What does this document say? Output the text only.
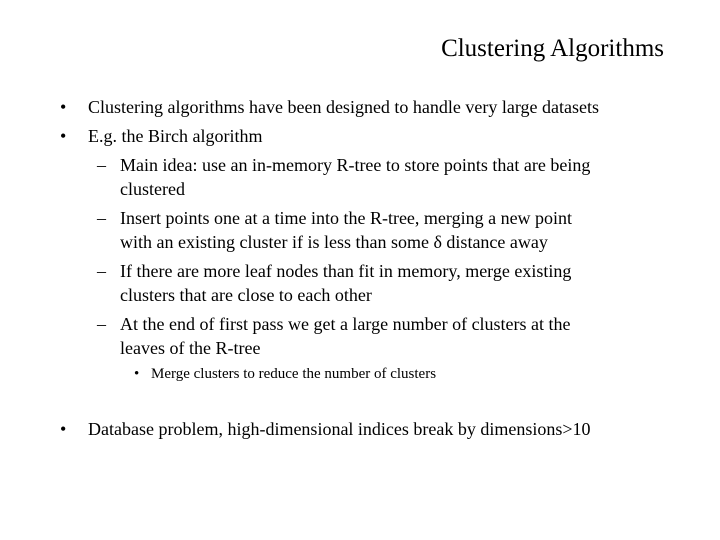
Clustering Algorithms
• Clustering algorithms have been designed to handle very large datasets
• E.g. the Birch algorithm
– Main idea: use an in-memory R-tree to store points that are being
clustered
– Insert points one at a time into the R-tree, merging a new point
with an existing cluster if is less than some δ distance away
– If there are more leaf nodes than fit in memory, merge existing
clusters that are close to each other
– At the end of first pass we get a large number of clusters at the
leaves of the R-tree
• Merge clusters to reduce the number of clusters
• Database problem, high-dimensional indices break by dimensions>10
